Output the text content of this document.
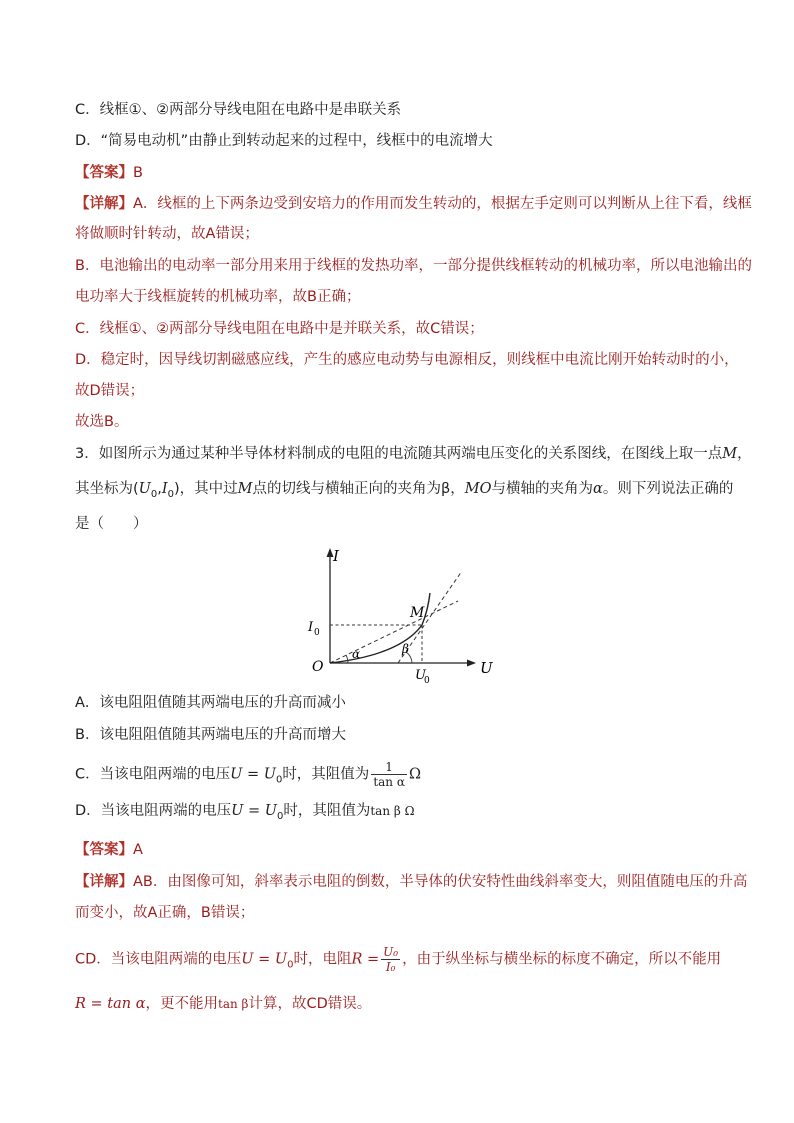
C．线框①、②两部分导线电阻在电路中是串联关系
D．“简易电动机”由静止到转动起来的过程中，线框中的电流增大
【答案】B
【详解】A．线框的上下两条边受到安培力的作用而发生转动的，根据左手定则可以判断从上往下看，线框
将做顺时针转动，故A错误；
B．电池输出的电动率一部分用来用于线框的发热功率，一部分提供线框转动的机械功率，所以电池输出的
电功率大于线框旋转的机械功率，故B正确；
C．线框①、②两部分导线电阻在电路中是并联关系，故C错误；
D．稳定时，因导线切割磁感应线，产生的感应电动势与电源相反，则线框中电流比刚开始转动时的小，
故D错误；
故选B。
3．如图所示为通过某种半导体材料制成的电阻的电流随其两端电压变化的关系图线，在图线上取一点M，
其坐标为$(U_0,I_0)$，其中过M点的切线与横轴正向的夹角为β，MO与横轴的夹角为α。则下列说法正确的
是（　　）
I
U
O
M
I 0
U
0
α	β
A．该电阻阻值随其两端电压的升高而减小
B．该电阻阻值随其两端电压的升高而增大
C．当该电阻两端的电压$U = U_0$时，其阻值为 $\frac{1}{\text{tan α}}$ Ω
D．当该电阻两端的电压$U = U_0$时，其阻值为tan β Ω
【答案】A
【详解】AB．由图像可知，斜率表示电阻的倒数，半导体的伏安特性曲线斜率变大，则阻值随电压的升高
而变小，故A正确，B错误；
CD．当该电阻两端的电压$U = U_0$时，电阻$R = \frac{\text{U₀}}{\text{I₀}}$ ，由于纵坐标与横坐标的标度不确定，所以不能用
R = tan α，更不能用tan β计算，故CD错误。
